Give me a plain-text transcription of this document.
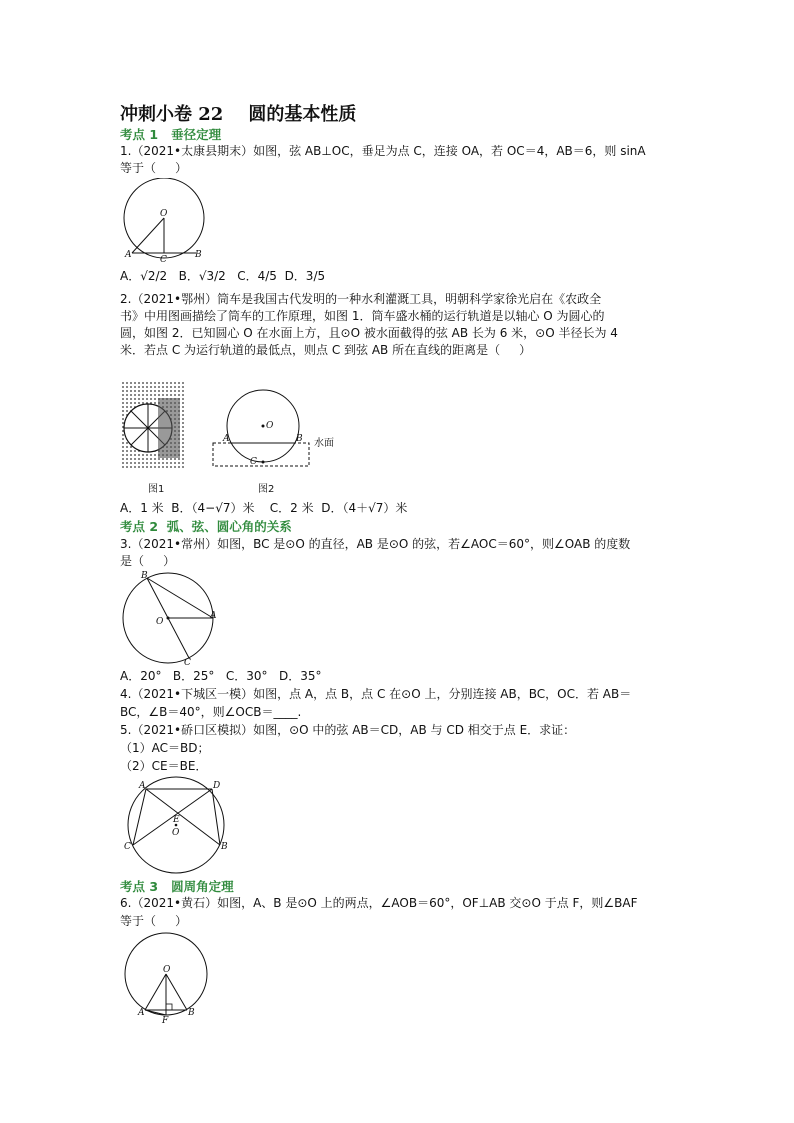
冲刺小卷 22    圆的基本性质
考点 1   垂径定理
1.（2021•太康县期末）如图，弦 AB⊥OC，垂足为点 C，连接 OA，若 OC＝4，AB＝6，则 sinA
等于（     ）
O
A	C	B
A．√2/2   B．√3/2   C．4/5  D．3/5
2.（2021•鄂州）筒车是我国古代发明的一种水利灌溉工具，明朝科学家徐光启在《农政全
书》中用图画描绘了筒车的工作原理，如图 1．筒车盛水桶的运行轨道是以轴心 O 为圆心的
圆，如图 2．已知圆心 O 在水面上方，且⊙O 被水面截得的弦 AB 长为 6 米，⊙O 半径长为 4
米．若点 C 为运行轨道的最低点，则点 C 到弦 AB 所在直线的距离是（     ）
图1
O
A	B
C
水面
图2
A．1 米  B．（4−√7）米    C．2 米  D．（4＋√7）米
考点 2  弧、弦、圆心角的关系
3.（2021•常州）如图，BC 是⊙O 的直径，AB 是⊙O 的弦，若∠AOC＝60°，则∠OAB 的度数
是（     ）
B
O
A
C
A．20°   B．25°   C．30°   D．35°
4.（2021•下城区一模）如图，点 A，点 B，点 C 在⊙O 上，分别连接 AB，BC，OC．若 AB＝
BC，∠B＝40°，则∠OCB＝____.
5.（2021•硚口区模拟）如图，⊙O 中的弦 AB＝CD，AB 与 CD 相交于点 E．求证：
（1）AC＝BD；
（2）CE＝BE．
A	D
E
O
C	B
考点 3   圆周角定理
6.（2021•黄石）如图，A、B 是⊙O 上的两点，∠AOB＝60°，OF⊥AB 交⊙O 于点 F，则∠BAF
等于（     ）
O
A	B
F
